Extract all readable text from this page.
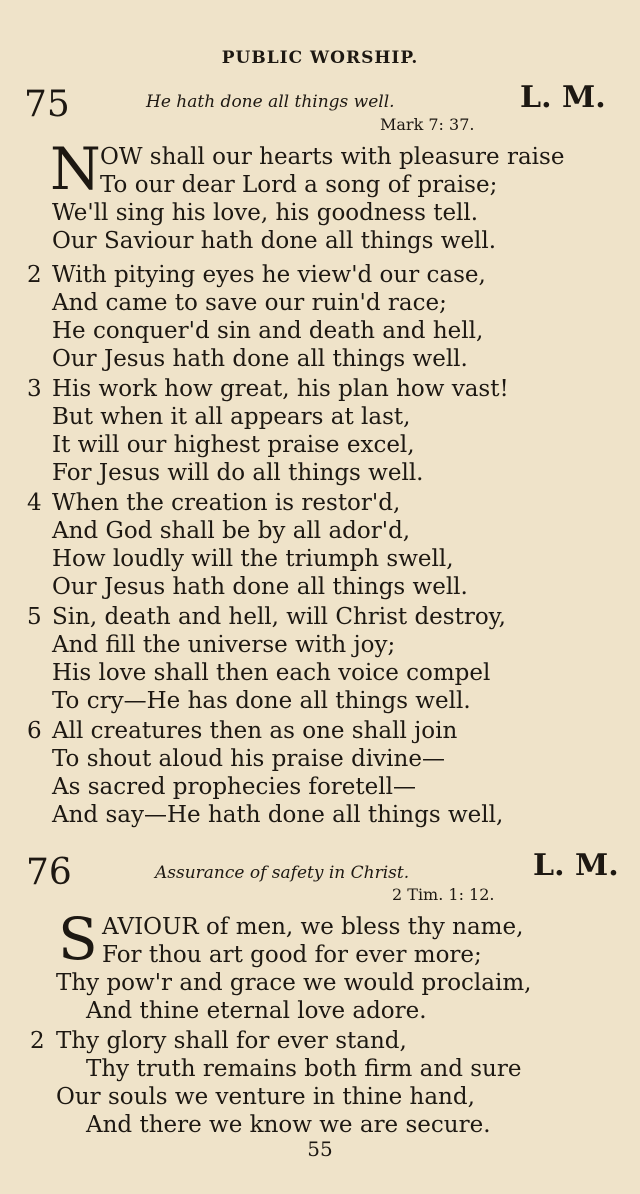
PUBLIC WORSHIP.
75	He hath done all things well.	L. M.
Mark 7: 37.
N OW shall our hearts with pleasure raise
To our dear Lord a song of praise;
We'll sing his love, his goodness tell.
Our Saviour hath done all things well.
2 With pitying eyes he view'd our case,
And came to save our ruin'd race;
He conquer'd sin and death and hell,
Our Jesus hath done all things well.
3 His work how great, his plan how vast!
But when it all appears at last,
It will our highest praise excel,
For Jesus will do all things well.
4 When the creation is restor'd,
And God shall be by all ador'd,
How loudly will the triumph swell,
Our Jesus hath done all things well.
5 Sin, death and hell, will Christ destroy,
And fill the universe with joy;
His love shall then each voice compel
To cry—He has done all things well.
6 All creatures then as one shall join
To shout aloud his praise divine—
As sacred prophecies foretell—
And say—He hath done all things well,
76	Assurance of safety in Christ.	L. M.
2 Tim. 1: 12.
S AVIOUR of men, we bless thy name,
For thou art good for ever more;
Thy pow'r and grace we would proclaim,
And thine eternal love adore.
2 Thy glory shall for ever stand,
Thy truth remains both firm and sure
Our souls we venture in thine hand,
And there we know we are secure.
55
